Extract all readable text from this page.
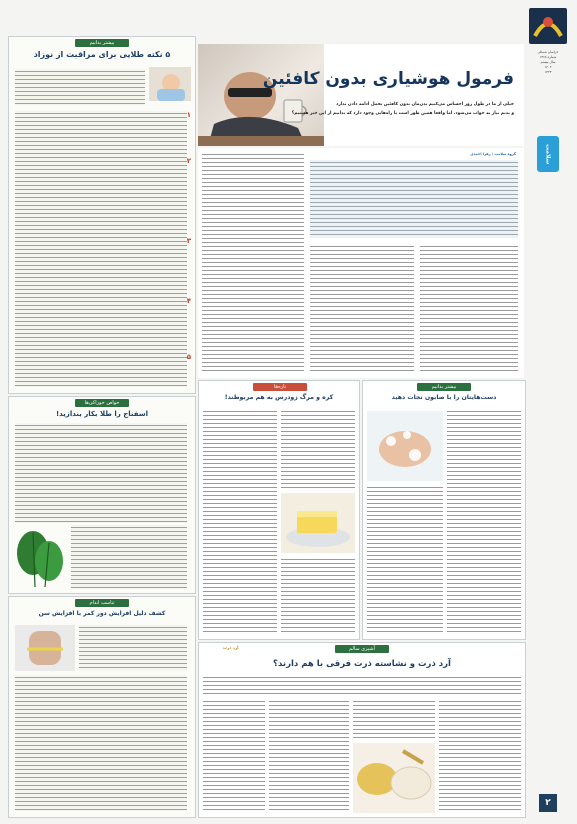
خراسان شمالی
شماره ۱۳۶۸
سال بیستم
۱۴۰۲
۱۴۴۳
سلامت
۲
فرمول هوشیاری بدون کافئین
خیلی از ما در طول روز احساس می‌کنیم بدن‌مان بدون کافئین تحمل ادامه دادن ندارد
و بدنم نیاز به خواب می‌شود. اما واقعا همین طور است یا راه‌هایی وجود دارد که بدانیم از این خبر هستیم؟
بیشتر بدانیم
۵ نکته طلایی برای مراقبت از نوزاد
۱
۲
۳
۴
۵
خواص خوراکی‌ها
اسفناج را طلا بکار بندازید!
تناسب اندام
کشف دلیل افزایش دور کمر با افزایش سن
گروه سلامت / زهرا احمدی
تازه‌ها
کره و مرگ زودرس به هم مربوطند!
بیشتر بدانیم
دست‌هایتان را با صابون نجات دهید
آشپزی سالم
آرد ذرت
آرد ذرت و نشاسته ذرت فرقی با هم دارند؟
